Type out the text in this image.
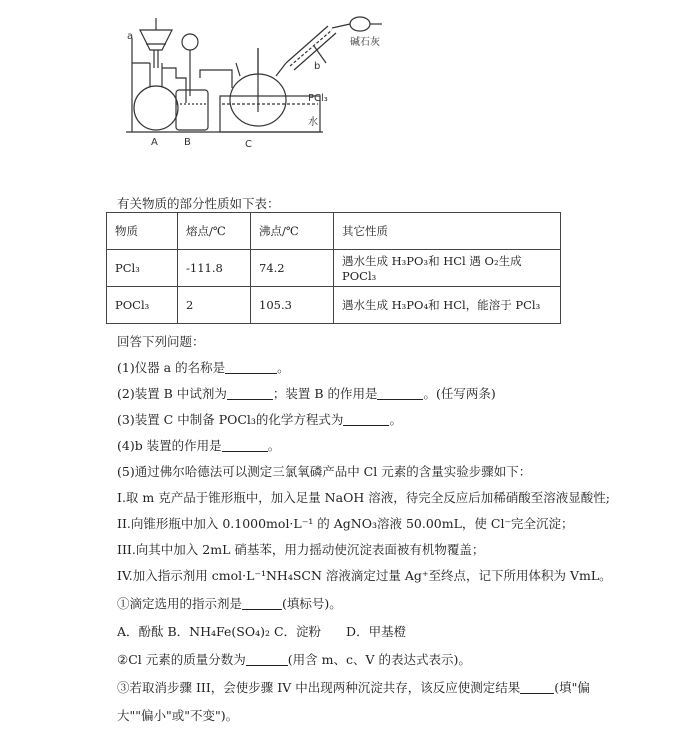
a
A	B	C
b
碱石灰
PCl₃
水
有关物质的部分性质如下表：
物质	熔点/℃	沸点/℃	其它性质
PCl₃	-111.8	74.2	遇水生成 H₃PO₃和 HCl 遇 O₂生成 POCl₃
POCl₃	2	105.3	遇水生成 H₃PO₄和 HCl，能溶于 PCl₃
回答下列问题：
(1)仪器 a 的名称是	。
(2)装置 B 中试剂为	；装置 B 的作用是	。(任写两条)
(3)装置 C 中制备 POCl₃的化学方程式为	。
(4)b 装置的作用是	。
(5)通过佛尔哈德法可以测定三氯氧磷产品中 Cl 元素的含量实验步骤如下：
I.取 m 克产品于锥形瓶中，加入足量 NaOH 溶液，待完全反应后加稀硝酸至溶液显酸性;
II.向锥形瓶中加入 0.1000mol·L⁻¹ 的 AgNO₃溶液 50.00mL，使 Cl⁻完全沉淀；
III.向其中加入 2mL 硝基苯，用力摇动使沉淀表面被有机物覆盖；
IV.加入指示剂用 cmol·L⁻¹NH₄SCN 溶液滴定过量 Ag⁺至终点，记下所用体积为 VmL。
①滴定选用的指示剂是	(填标号)。
A．酚酞 B．NH₄Fe(SO₄)₂ C．淀粉　　D．甲基橙
②Cl 元素的质量分数为	(用含 m、c、V 的表达式表示)。
③若取消步骤 III，会使步骤 IV 中出现两种沉淀共存，该反应使测定结果	(填"偏
大""偏小"或"不变")。
